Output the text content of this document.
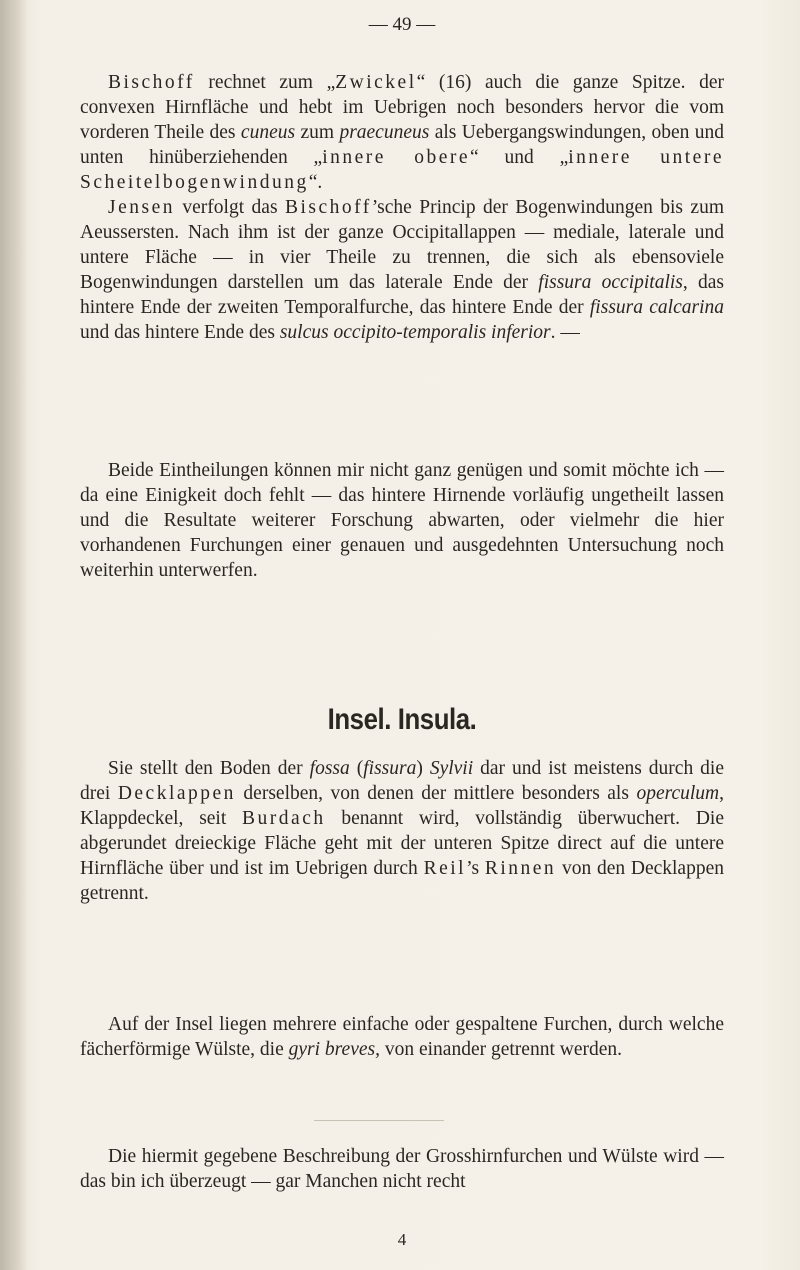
— 49 —

Bischoff rechnet zum „Zwickel“ (16) auch die ganze Spitze. der convexen Hirnfläche und hebt im Uebrigen noch besonders hervor die vom vorderen Theile des cuneus zum praecuneus als Uebergangswindungen, oben und unten hinüberziehenden „innere obere“ und „innere untere Scheitelbogenwindung“.

Jensen verfolgt das Bischoff’sche Princip der Bogenwindungen bis zum Aeussersten. Nach ihm ist der ganze Occipitallappen — mediale, laterale und untere Fläche — in vier Theile zu trennen, die sich als ebensoviele Bogenwindungen darstellen um das laterale Ende der fissura occipitalis, das hintere Ende der zweiten Temporalfurche, das hintere Ende der fissura calcarina und das hintere Ende des sulcus occipito-temporalis inferior. —

Beide Eintheilungen können mir nicht ganz genügen und somit möchte ich — da eine Einigkeit doch fehlt — das hintere Hirnende vorläufig ungetheilt lassen und die Resultate weiterer Forschung abwarten, oder vielmehr die hier vorhandenen Furchungen einer genauen und ausgedehnten Untersuchung noch weiterhin unterwerfen.

Insel. Insula.

Sie stellt den Boden der fossa (fissura) Sylvii dar und ist meistens durch die drei Decklappen derselben, von denen der mittlere besonders als operculum, Klappdeckel, seit Burdach benannt wird, vollständig überwuchert. Die abgerundet dreieckige Fläche geht mit der unteren Spitze direct auf die untere Hirnfläche über und ist im Uebrigen durch Reil’s Rinnen von den Decklappen getrennt.

Auf der Insel liegen mehrere einfache oder gespaltene Furchen, durch welche fächerförmige Wülste, die gyri breves, von einander getrennt werden.

Die hiermit gegebene Beschreibung der Grosshirnfurchen und Wülste wird — das bin ich überzeugt — gar Manchen nicht recht

4
